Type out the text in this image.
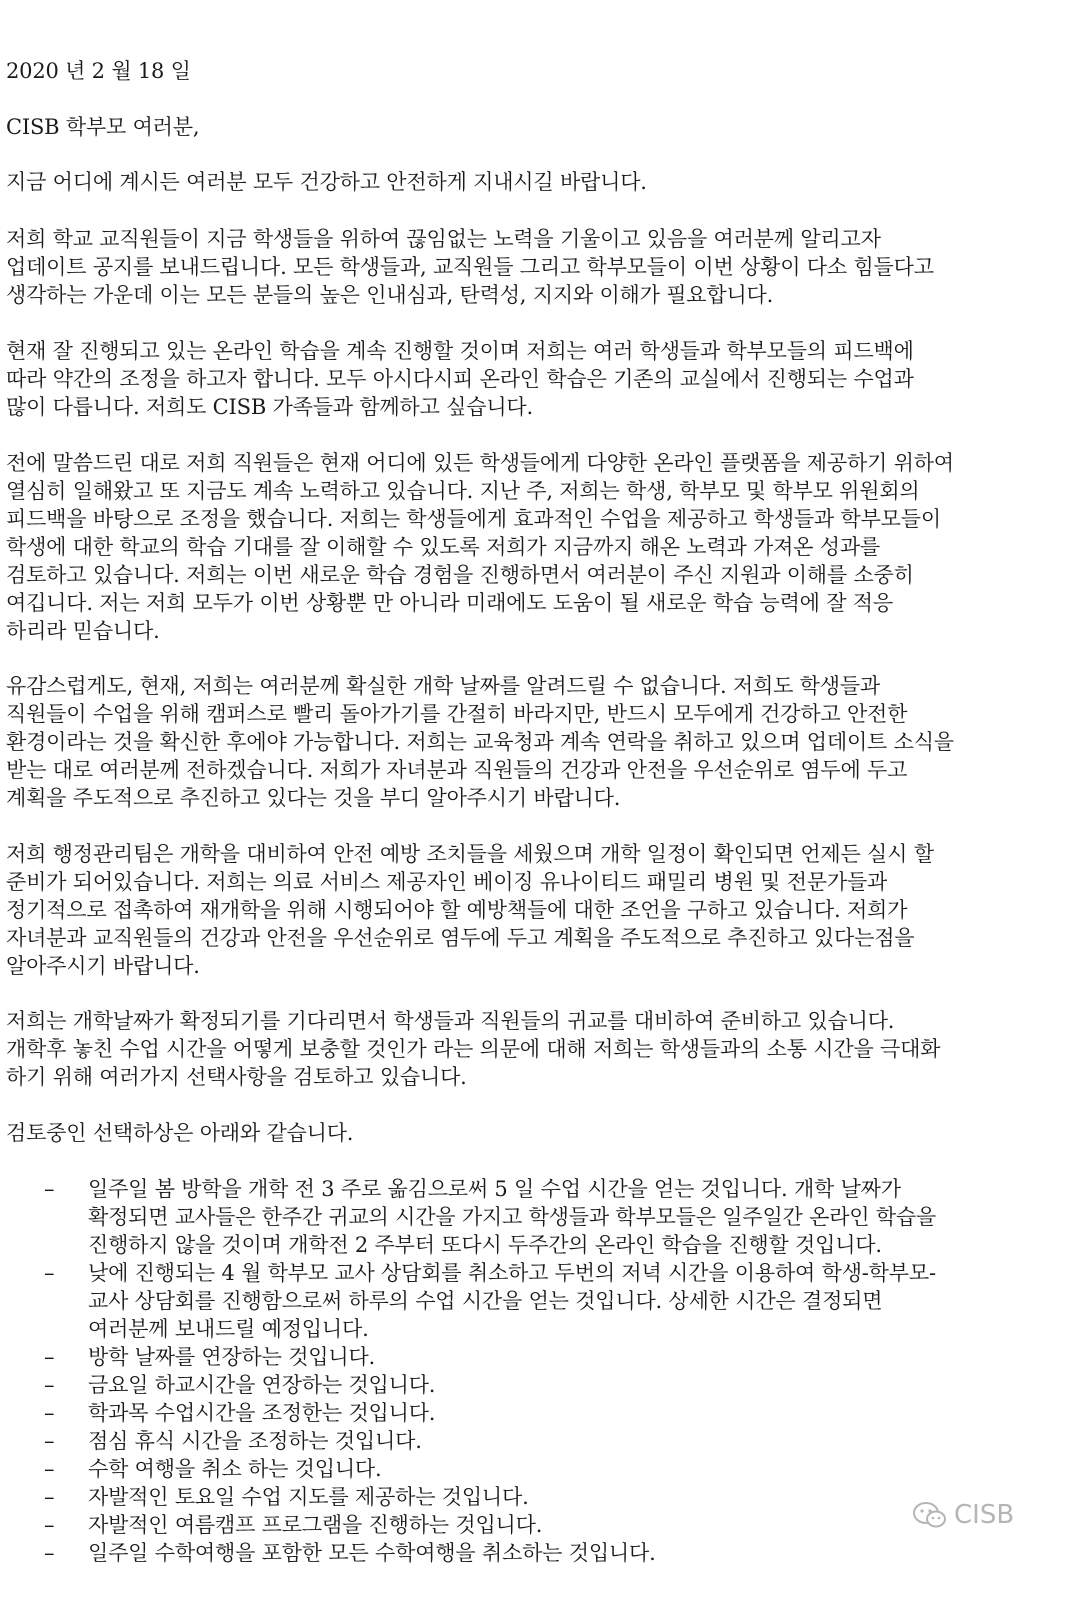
2020 년 2 월 18 일
CISB 학부모 여러분,
지금 어디에 계시든 여러분 모두 건강하고 안전하게 지내시길 바랍니다.
저희 학교 교직원들이 지금 학생들을 위하여 끊임없는 노력을 기울이고 있음을 여러분께 알리고자
업데이트 공지를 보내드립니다. 모든 학생들과, 교직원들 그리고 학부모들이 이번 상황이 다소 힘들다고
생각하는 가운데 이는 모든 분들의 높은 인내심과, 탄력성, 지지와 이해가 필요합니다.
현재 잘 진행되고 있는 온라인 학습을 계속 진행할 것이며 저희는 여러 학생들과 학부모들의 피드백에
따라 약간의 조정을 하고자 합니다. 모두 아시다시피 온라인 학습은 기존의 교실에서 진행되는 수업과
많이 다릅니다. 저희도 CISB 가족들과 함께하고 싶습니다.
전에 말씀드린 대로 저희 직원들은 현재 어디에 있든 학생들에게 다양한 온라인 플랫폼을 제공하기 위하여
열심히 일해왔고 또 지금도 계속 노력하고 있습니다. 지난 주, 저희는 학생, 학부모 및 학부모 위원회의
피드백을 바탕으로 조정을 했습니다. 저희는 학생들에게 효과적인 수업을 제공하고 학생들과 학부모들이
학생에 대한 학교의 학습 기대를 잘 이해할 수 있도록 저희가 지금까지 해온 노력과 가져온 성과를
검토하고 있습니다. 저희는 이번 새로운 학습 경험을 진행하면서 여러분이 주신 지원과 이해를 소중히
여깁니다. 저는 저희 모두가 이번 상황뿐 만 아니라 미래에도 도움이 될 새로운 학습 능력에 잘 적응
하리라 믿습니다.
유감스럽게도, 현재, 저희는 여러분께 확실한 개학 날짜를 알려드릴 수 없습니다. 저희도 학생들과
직원들이 수업을 위해 캠퍼스로 빨리 돌아가기를 간절히 바라지만, 반드시 모두에게 건강하고 안전한
환경이라는 것을 확신한 후에야 가능합니다. 저희는 교육청과 계속 연락을 취하고 있으며 업데이트 소식을
받는 대로 여러분께 전하겠습니다. 저희가 자녀분과 직원들의 건강과 안전을 우선순위로 염두에 두고
계획을 주도적으로 추진하고 있다는 것을 부디 알아주시기 바랍니다.
저희 행정관리팀은 개학을 대비하여 안전 예방 조치들을 세웠으며 개학 일정이 확인되면 언제든 실시 할
준비가 되어있습니다. 저희는 의료 서비스 제공자인 베이징 유나이티드 패밀리 병원 및 전문가들과
정기적으로 접촉하여 재개학을 위해 시행되어야 할 예방책들에 대한 조언을 구하고 있습니다. 저희가
자녀분과 교직원들의 건강과 안전을 우선순위로 염두에 두고 계획을 주도적으로 추진하고 있다는점을
알아주시기 바랍니다.
저희는 개학날짜가 확정되기를 기다리면서 학생들과 직원들의 귀교를 대비하여 준비하고 있습니다.
개학후 놓친 수업 시간을 어떻게 보충할 것인가 라는 의문에 대해 저희는 학생들과의 소통 시간을 극대화
하기 위해 여러가지 선택사항을 검토하고 있습니다.
검토중인 선택하상은 아래와 같습니다.
– 일주일 봄 방학을 개학 전 3 주로 옮김으로써 5 일 수업 시간을 얻는 것입니다. 개학 날짜가
확정되면 교사들은 한주간 귀교의 시간을 가지고 학생들과 학부모들은 일주일간 온라인 학습을
진행하지 않을 것이며 개학전 2 주부터 또다시 두주간의 온라인 학습을 진행할 것입니다.
– 낮에 진행되는 4 월 학부모 교사 상담회를 취소하고 두번의 저녁 시간을 이용하여 학생-학부모-
교사 상담회를 진행함으로써 하루의 수업 시간을 얻는 것입니다. 상세한 시간은 결정되면
여러분께 보내드릴 예정입니다.
– 방학 날짜를 연장하는 것입니다.
– 금요일 하교시간을 연장하는 것입니다.
– 학과목 수업시간을 조정한는 것입니다.
– 점심 휴식 시간을 조정하는 것입니다.
– 수학 여행을 취소 하는 것입니다.
– 자발적인 토요일 수업 지도를 제공하는 것입니다.
– 자발적인 여름캠프 프로그램을 진행하는 것입니다.
– 일주일 수학여행을 포함한 모든 수학여행을 취소하는 것입니다.
CISB
